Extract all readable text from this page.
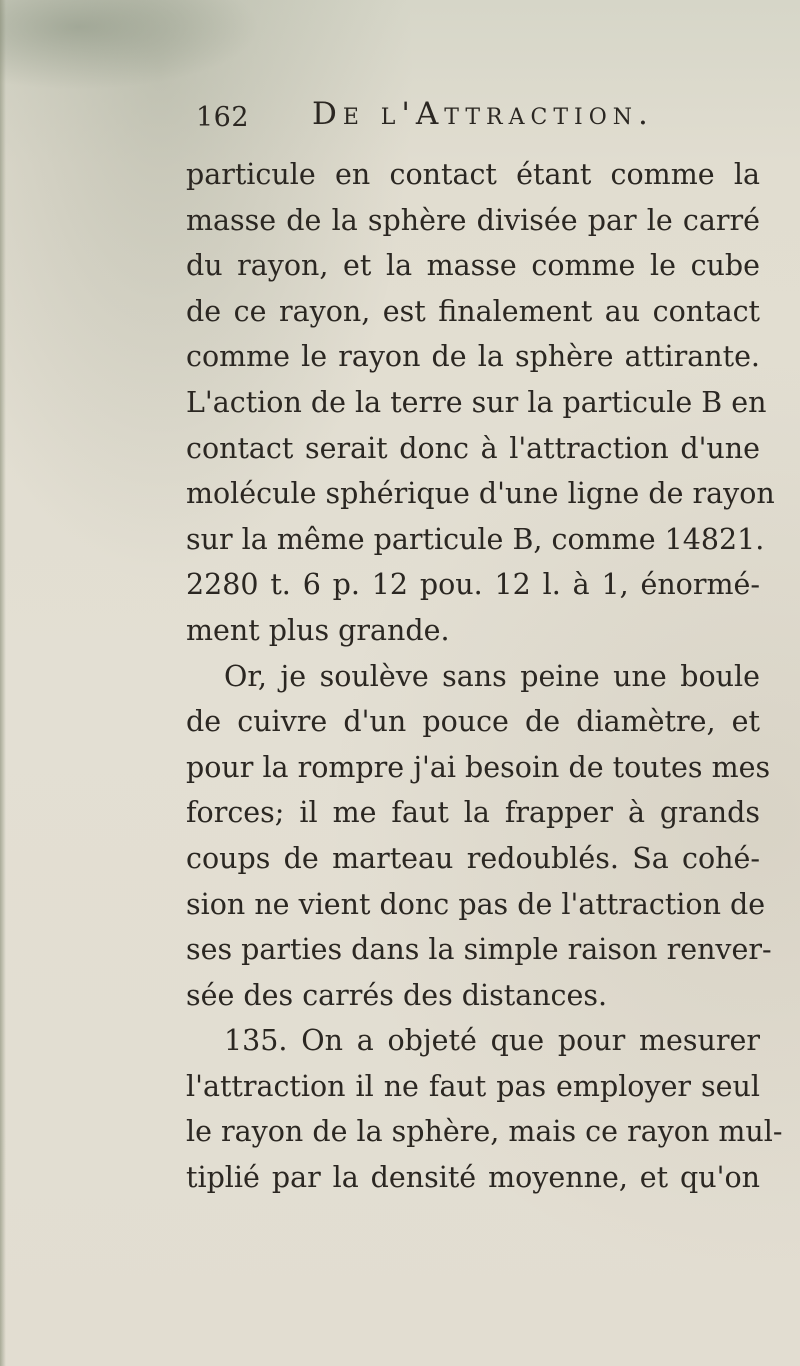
162 De l'Attraction.
particule en contact étant comme la
masse de la sphère divisée par le carré
du rayon, et la masse comme le cube
de ce rayon, est finalement au contact
comme le rayon de la sphère attirante.
L'action de la terre sur la particule B en
contact serait donc à l'attraction d'une
molécule sphérique d'une ligne de rayon
sur la même particule B, comme 14821.
2280 t. 6 p. 12 pou. 12 l. à 1, énormé-
ment plus grande.
Or, je soulève sans peine une boule
de cuivre d'un pouce de diamètre, et
pour la rompre j'ai besoin de toutes mes
forces; il me faut la frapper à grands
coups de marteau redoublés. Sa cohé-
sion ne vient donc pas de l'attraction de
ses parties dans la simple raison renver-
sée des carrés des distances.
135. On a objeté que pour mesurer
l'attraction il ne faut pas employer seul
le rayon de la sphère, mais ce rayon mul-
tiplié par la densité moyenne, et qu'on
